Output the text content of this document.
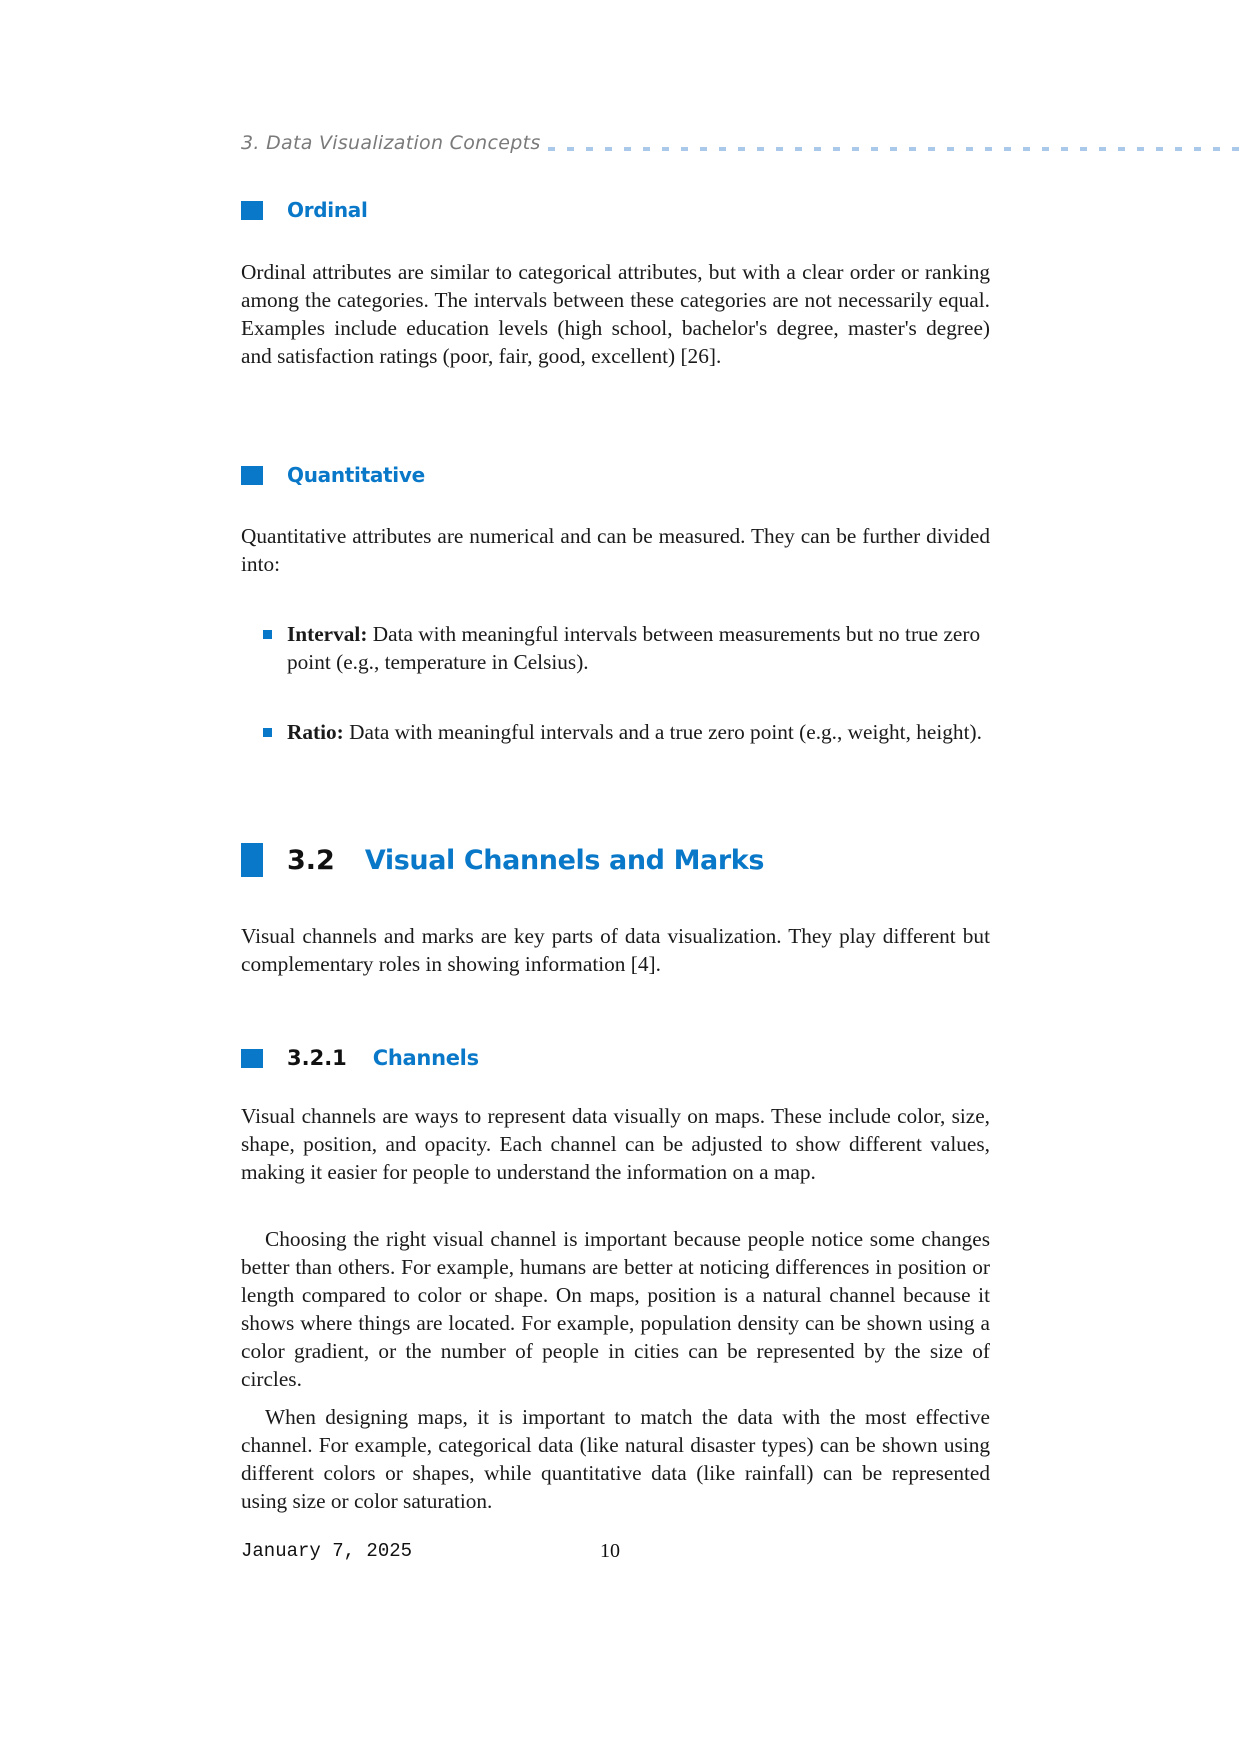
3. Data Visualization Concepts
Ordinal

Ordinal attributes are similar to categorical attributes, but with a clear order or ranking among the categories. The intervals between these categories are not necessarily equal. Examples include education levels (high school, bachelor's degree, master's degree) and satisfaction ratings (poor, fair, good, excellent) [26].

Quantitative

Quantitative attributes are numerical and can be measured. They can be further divided into:

Interval: Data with meaningful intervals between measurements but no true zero point (e.g., temperature in Celsius).
Ratio: Data with meaningful intervals and a true zero point (e.g., weight, height).
3.2 Visual Channels and Marks

Visual channels and marks are key parts of data visualization. They play different but complementary roles in showing information [4].

3.2.1 Channels

Visual channels are ways to represent data visually on maps. These include color, size, shape, position, and opacity. Each channel can be adjusted to show different values, making it easier for people to understand the information on a map.

Choosing the right visual channel is important because people notice some changes better than others. For example, humans are better at noticing differences in position or length compared to color or shape. On maps, position is a natural channel because it shows where things are located. For example, population density can be shown using a color gradient, or the number of people in cities can be represented by the size of circles.

When designing maps, it is important to match the data with the most effective channel. For example, categorical data (like natural disaster types) can be shown using different colors or shapes, while quantitative data (like rainfall) can be represented using size or color saturation.

January 7, 2025	10
